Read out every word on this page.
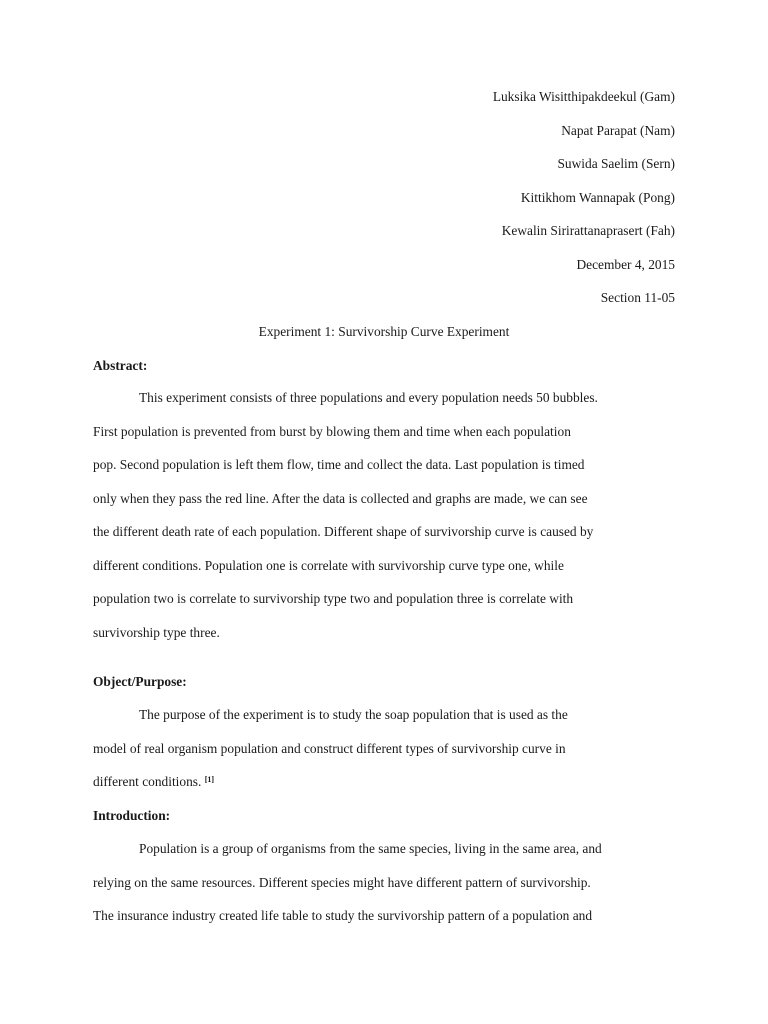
Luksika Wisitthipakdeekul (Gam)
Napat Parapat (Nam)
Suwida Saelim (Sern)
Kittikhom Wannapak (Pong)
Kewalin Sirirattanaprasert (Fah)
December 4, 2015
Section 11-05
Experiment 1: Survivorship Curve Experiment
Abstract:
This experiment consists of three populations and every population needs 50 bubbles.
First population is prevented from burst by blowing them and time when each population
pop. Second population is left them flow, time and collect the data. Last population is timed
only when they pass the red line. After the data is collected and graphs are made, we can see
the different death rate of each population. Different shape of survivorship curve is caused by
different conditions. Population one is correlate with survivorship curve type one, while
population two is correlate to survivorship type two and population three is correlate with
survivorship type three.
Object/Purpose:
The purpose of the experiment is to study the soap population that is used as the
model of real organism population and construct different types of survivorship curve in
different conditions. [1]
Introduction:
Population is a group of organisms from the same species, living in the same area, and
relying on the same resources. Different species might have different pattern of survivorship.
The insurance industry created life table to study the survivorship pattern of a population and
